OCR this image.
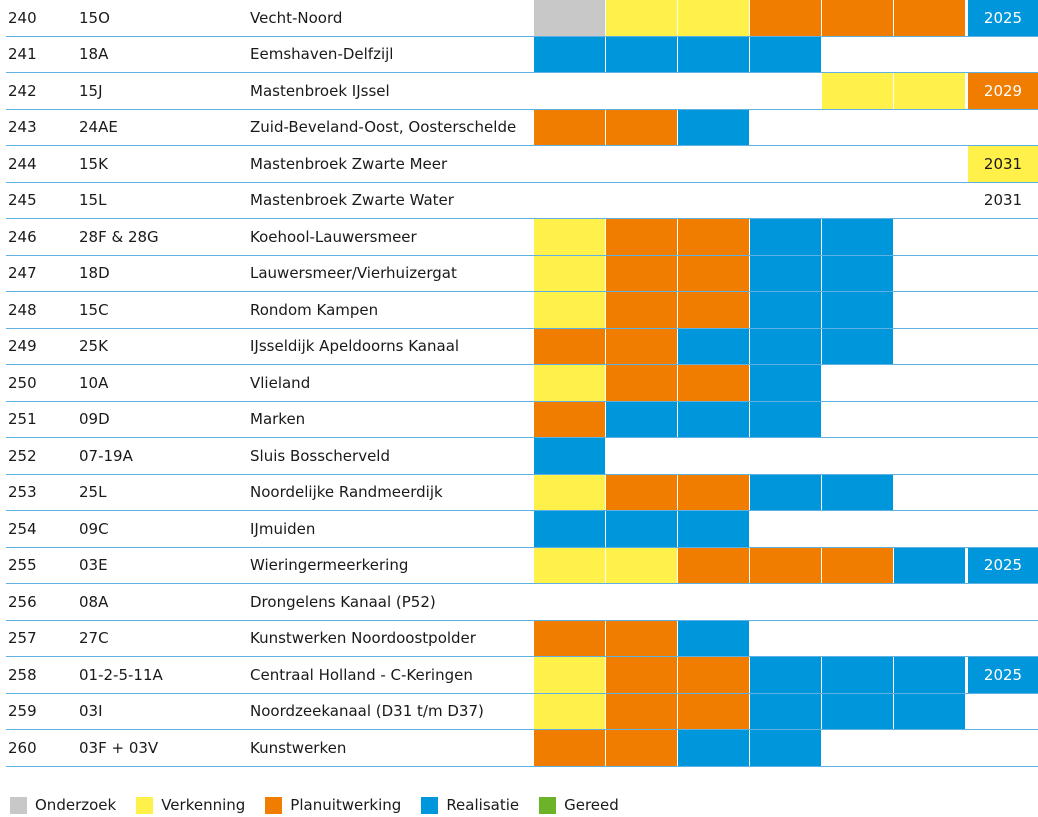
240	15O	Vecht-Noord	2025
241	18A	Eemshaven-Delfzijl
242	15J	Mastenbroek IJssel	2029
243	24AE	Zuid-Beveland-Oost, Oosterschelde
244	15K	Mastenbroek Zwarte Meer	2031
245	15L	Mastenbroek Zwarte Water	2031
246	28F & 28G	Koehool-Lauwersmeer
247	18D	Lauwersmeer/Vierhuizergat
248	15C	Rondom Kampen
249	25K	IJsseldijk Apeldoorns Kanaal
250	10A	Vlieland
251	09D	Marken
252	07-19A	Sluis Bosscherveld
253	25L	Noordelijke Randmeerdijk
254	09C	IJmuiden
255	03E	Wieringermeerkering	2025
256	08A	Drongelens Kanaal (P52)
257	27C	Kunstwerken Noordoostpolder
258	01-2-5-11A	Centraal Holland - C-Keringen	2025
259	03I	Noordzeekanaal (D31 t/m D37)
260	03F + 03V	Kunstwerken
Onderzoek	Verkenning	Planuitwerking	Realisatie	Gereed
